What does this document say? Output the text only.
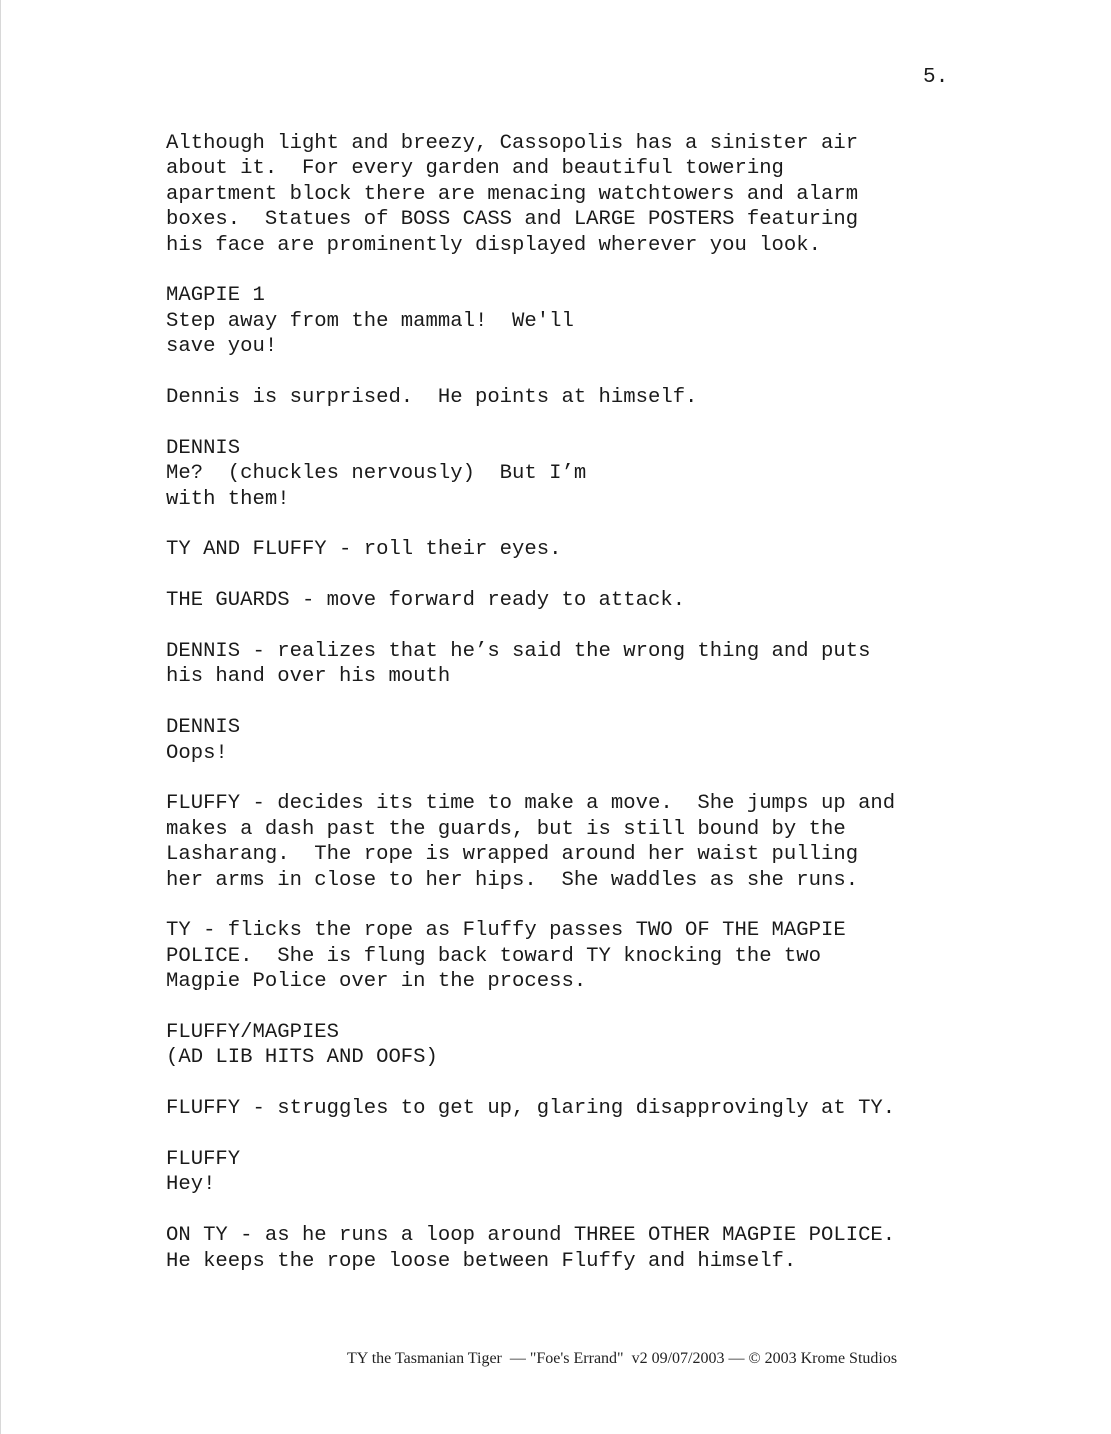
5.

Although light and breezy, Cassopolis has a sinister air
about it.  For every garden and beautiful towering
apartment block there are menacing watchtowers and alarm
boxes.  Statues of BOSS CASS and LARGE POSTERS featuring
his face are prominently displayed wherever you look.

MAGPIE 1

Step away from the mammal!  We'll
save you!

Dennis is surprised.  He points at himself.

DENNIS

Me?  (chuckles nervously)  But I’m
with them!

TY AND FLUFFY - roll their eyes.

THE GUARDS - move forward ready to attack.

DENNIS - realizes that he’s said the wrong thing and puts
his hand over his mouth

DENNIS

Oops!

FLUFFY - decides its time to make a move.  She jumps up and
makes a dash past the guards, but is still bound by the
Lasharang.  The rope is wrapped around her waist pulling
her arms in close to her hips.  She waddles as she runs.

TY - flicks the rope as Fluffy passes TWO OF THE MAGPIE
POLICE.  She is flung back toward TY knocking the two
Magpie Police over in the process.

FLUFFY/MAGPIES

(AD LIB HITS AND OOFS)

FLUFFY - struggles to get up, glaring disapprovingly at TY.

FLUFFY

Hey!

ON TY - as he runs a loop around THREE OTHER MAGPIE POLICE.
He keeps the rope loose between Fluffy and himself.

TY the Tasmanian Tiger  — "Foe's Errand"  v2 09/07/2003 — © 2003 Krome Studios
